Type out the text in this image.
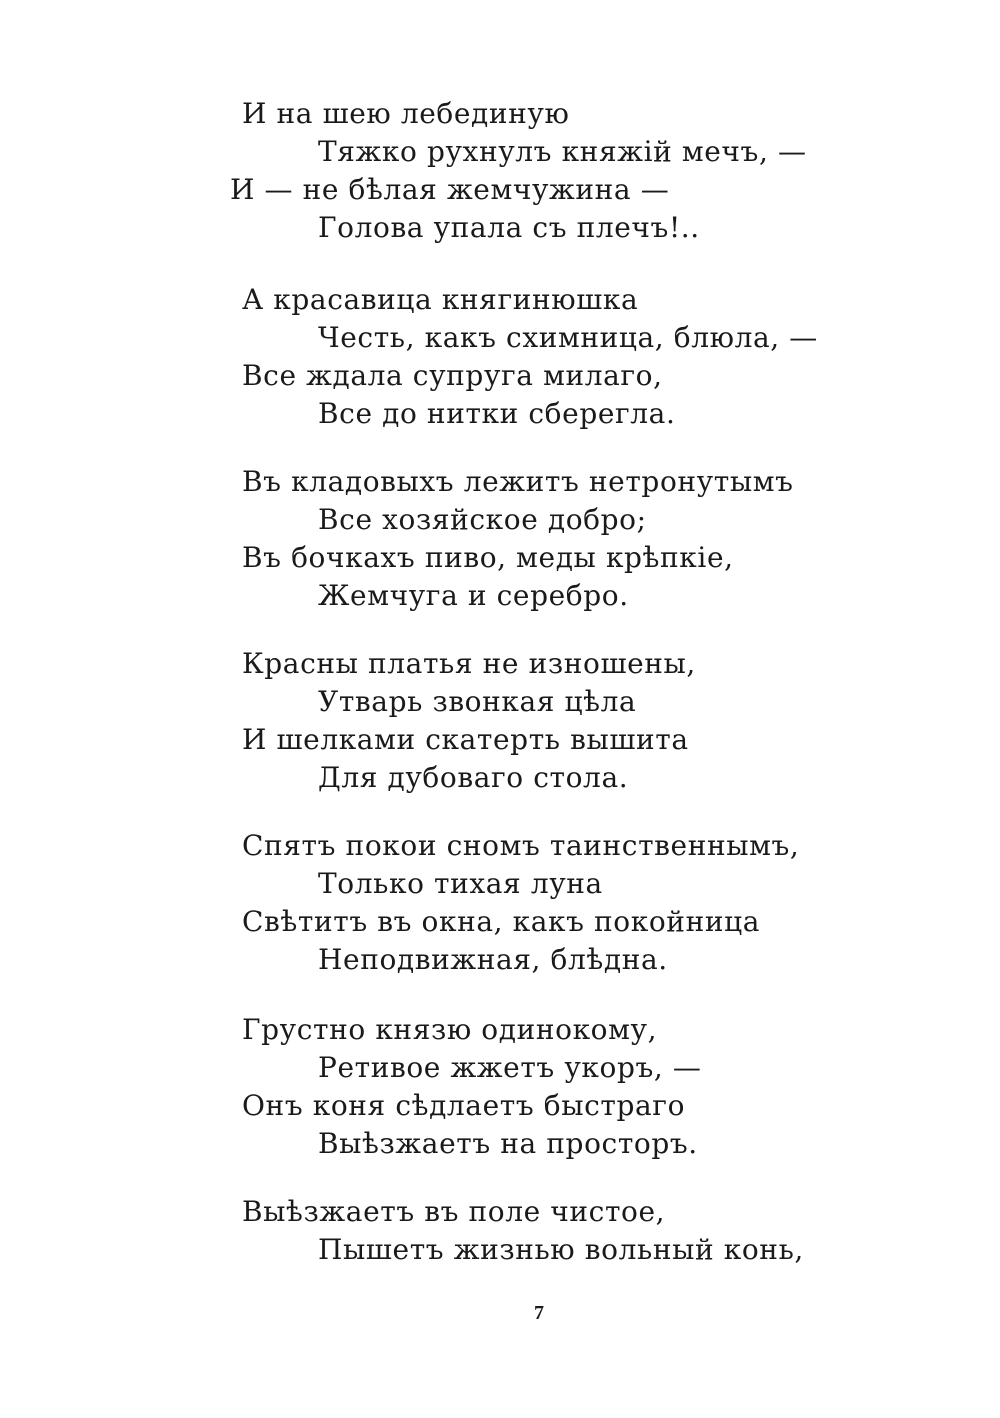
И на шею лебединую
Тяжко рухнулъ княжiй мечъ, —
И — не бѣлая жемчужина —
Голова упала съ плечъ!..
А красавица княгинюшка
Честь, какъ схимница, блюла, —
Все ждала супруга милаго,
Все до нитки сберегла.
Въ кладовыхъ лежитъ нетронутымъ
Все хозяйское добро;
Въ бочкахъ пиво, меды крѣпкiе,
Жемчуга и серебро.
Красны платья не изношены,
Утварь звонкая цѣла
И шелками скатерть вышита
Для дубоваго стола.
Спятъ покои сномъ таинственнымъ,
Только тихая луна
Свѣтитъ въ окна, какъ покойница
Неподвижная, блѣдна.
Грустно князю одинокому,
Ретивое жжетъ укоръ, —
Онъ коня сѣдлаетъ быстраго
Выѣзжаетъ на просторъ.
Выѣзжаетъ въ поле чистое,
Пышетъ жизнью вольный конь,
7
